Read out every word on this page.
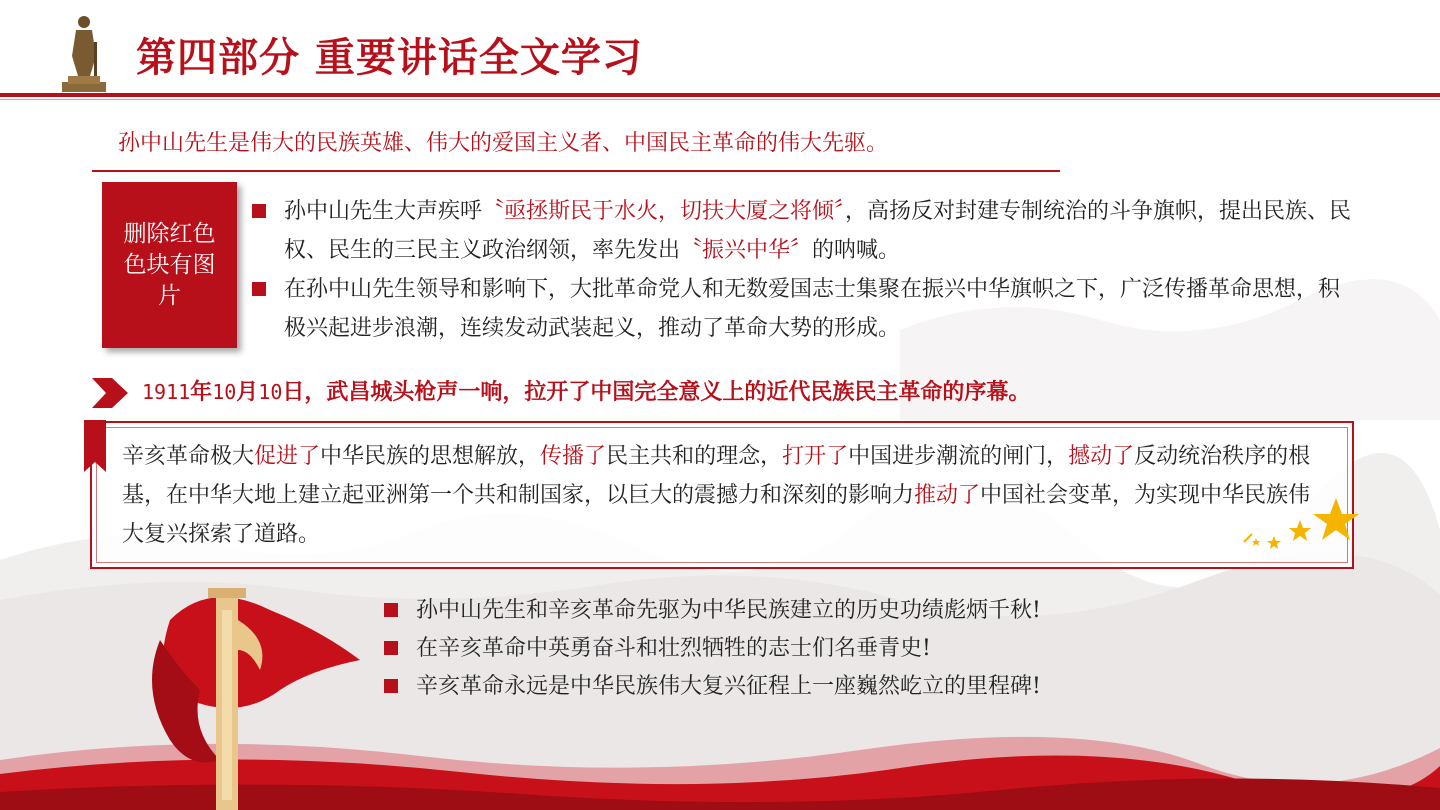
第四部分 重要讲话全文学习
孙中山先生是伟大的民族英雄、伟大的爱国主义者、中国民主革命的伟大先驱。
删除红色色块有图片
孙中山先生大声疾呼〝亟拯斯民于水火，切扶大厦之将倾〞，高扬反对封建专制统治的斗争旗帜，提出民族、民权、民生的三民主义政治纲领，率先发出〝振兴中华〞的呐喊。
在孙中山先生领导和影响下，大批革命党人和无数爱国志士集聚在振兴中华旗帜之下，广泛传播革命思想，积极兴起进步浪潮，连续发动武装起义，推动了革命大势的形成。
1911年10月10日，武昌城头枪声一响，拉开了中国完全意义上的近代民族民主革命的序幕。
辛亥革命极大促进了中华民族的思想解放，传播了民主共和的理念，打开了中国进步潮流的闸门，撼动了反动统治秩序的根基，在中华大地上建立起亚洲第一个共和制国家，以巨大的震撼力和深刻的影响力推动了中国社会变革，为实现中华民族伟大复兴探索了道路。
孙中山先生和辛亥革命先驱为中华民族建立的历史功绩彪炳千秋!
在辛亥革命中英勇奋斗和壮烈牺牲的志士们名垂青史!
辛亥革命永远是中华民族伟大复兴征程上一座巍然屹立的里程碑!
